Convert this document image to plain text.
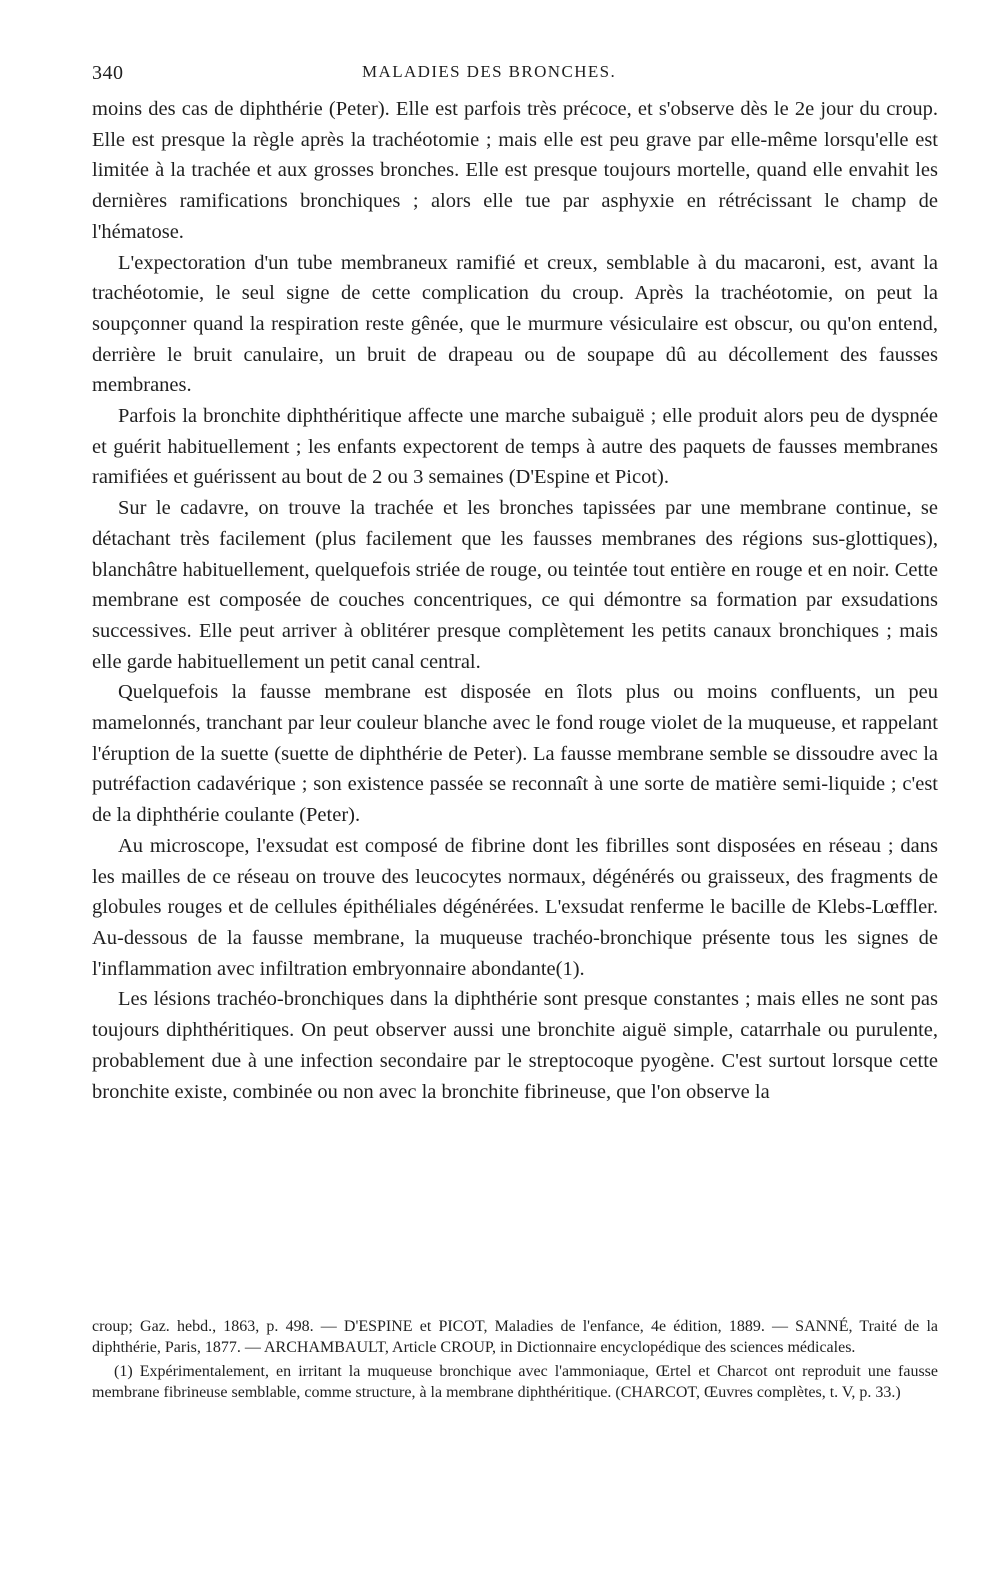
340	MALADIES DES BRONCHES.

moins des cas de diphthérie (Peter). Elle est parfois très précoce, et s'observe dès le 2e jour du croup. Elle est presque la règle après la trachéotomie ; mais elle est peu grave par elle-même lorsqu'elle est limitée à la trachée et aux grosses bronches. Elle est presque toujours mortelle, quand elle envahit les dernières ramifications bronchiques ; alors elle tue par asphyxie en rétrécissant le champ de l'hématose.

L'expectoration d'un tube membraneux ramifié et creux, semblable à du macaroni, est, avant la trachéotomie, le seul signe de cette complication du croup. Après la trachéotomie, on peut la soupçonner quand la respiration reste gênée, que le murmure vésiculaire est obscur, ou qu'on entend, derrière le bruit canulaire, un bruit de drapeau ou de soupape dû au décollement des fausses membranes.

Parfois la bronchite diphthéritique affecte une marche subaiguë ; elle produit alors peu de dyspnée et guérit habituellement ; les enfants expectorent de temps à autre des paquets de fausses membranes ramifiées et guérissent au bout de 2 ou 3 semaines (D'Espine et Picot).

Sur le cadavre, on trouve la trachée et les bronches tapissées par une membrane continue, se détachant très facilement (plus facilement que les fausses membranes des régions sus-glottiques), blanchâtre habituellement, quelquefois striée de rouge, ou teintée tout entière en rouge et en noir. Cette membrane est composée de couches concentriques, ce qui démontre sa formation par exsudations successives. Elle peut arriver à oblitérer presque complètement les petits canaux bronchiques ; mais elle garde habituellement un petit canal central.

Quelquefois la fausse membrane est disposée en îlots plus ou moins confluents, un peu mamelonnés, tranchant par leur couleur blanche avec le fond rouge violet de la muqueuse, et rappelant l'éruption de la suette (suette de diphthérie de Peter). La fausse membrane semble se dissoudre avec la putréfaction cadavérique ; son existence passée se reconnaît à une sorte de matière semi-liquide ; c'est de la diphthérie coulante (Peter).

Au microscope, l'exsudat est composé de fibrine dont les fibrilles sont disposées en réseau ; dans les mailles de ce réseau on trouve des leucocytes normaux, dégénérés ou graisseux, des fragments de globules rouges et de cellules épithéliales dégénérées. L'exsudat renferme le bacille de Klebs-Lœffler. Au-dessous de la fausse membrane, la muqueuse trachéo-bronchique présente tous les signes de l'inflammation avec infiltration embryonnaire abondante(1).

Les lésions trachéo-bronchiques dans la diphthérie sont presque constantes ; mais elles ne sont pas toujours diphthéritiques. On peut observer aussi une bronchite aiguë simple, catarrhale ou purulente, probablement due à une infection secondaire par le streptocoque pyogène. C'est surtout lorsque cette bronchite existe, combinée ou non avec la bronchite fibrineuse, que l'on observe la

croup; Gaz. hebd., 1863, p. 498. — D'ESPINE et PICOT, Maladies de l'enfance, 4e édition, 1889. — SANNÉ, Traité de la diphthérie, Paris, 1877. — ARCHAMBAULT, Article CROUP, in Dictionnaire encyclopédique des sciences médicales.

(1) Expérimentalement, en irritant la muqueuse bronchique avec l'ammoniaque, Œrtel et Charcot ont reproduit une fausse membrane fibrineuse semblable, comme structure, à la membrane diphthéritique. (CHARCOT, Œuvres complètes, t. V, p. 33.)
